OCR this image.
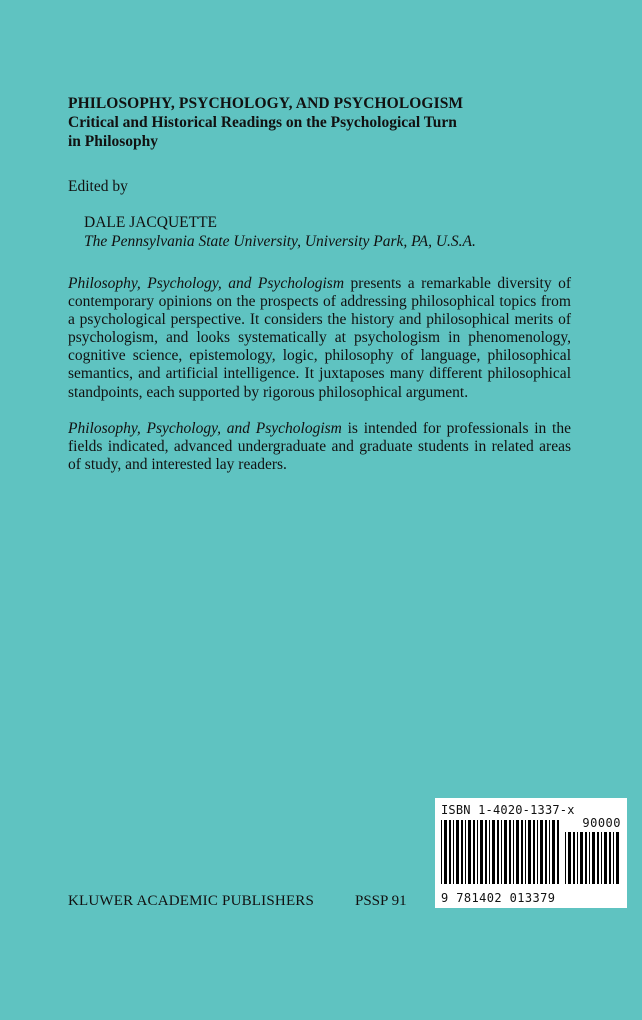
PHILOSOPHY, PSYCHOLOGY, AND PSYCHOLOGISM
Critical and Historical Readings on the Psychological Turn
in Philosophy
Edited by
DALE JACQUETTE
The Pennsylvania State University, University Park, PA, U.S.A.

Philosophy, Psychology, and Psychologism presents a remarkable diversity of contemporary opinions on the prospects of addressing philosophical topics from a psychological perspective. It considers the history and philosophical merits of psychologism, and looks systematically at psychologism in phenomenology, cognitive science, epistemology, logic, philosophy of language, philosophical semantics, and artificial intelligence. It juxtaposes many different philosophical standpoints, each supported by rigorous philosophical argument.

Philosophy, Psychology, and Psychologism is intended for professionals in the fields indicated, advanced undergraduate and graduate students in related areas of study, and interested lay readers.

ISBN 1-4020-1337-x
90000
9 781402 013379
KLUWER ACADEMIC PUBLISHERS	PSSP 91
